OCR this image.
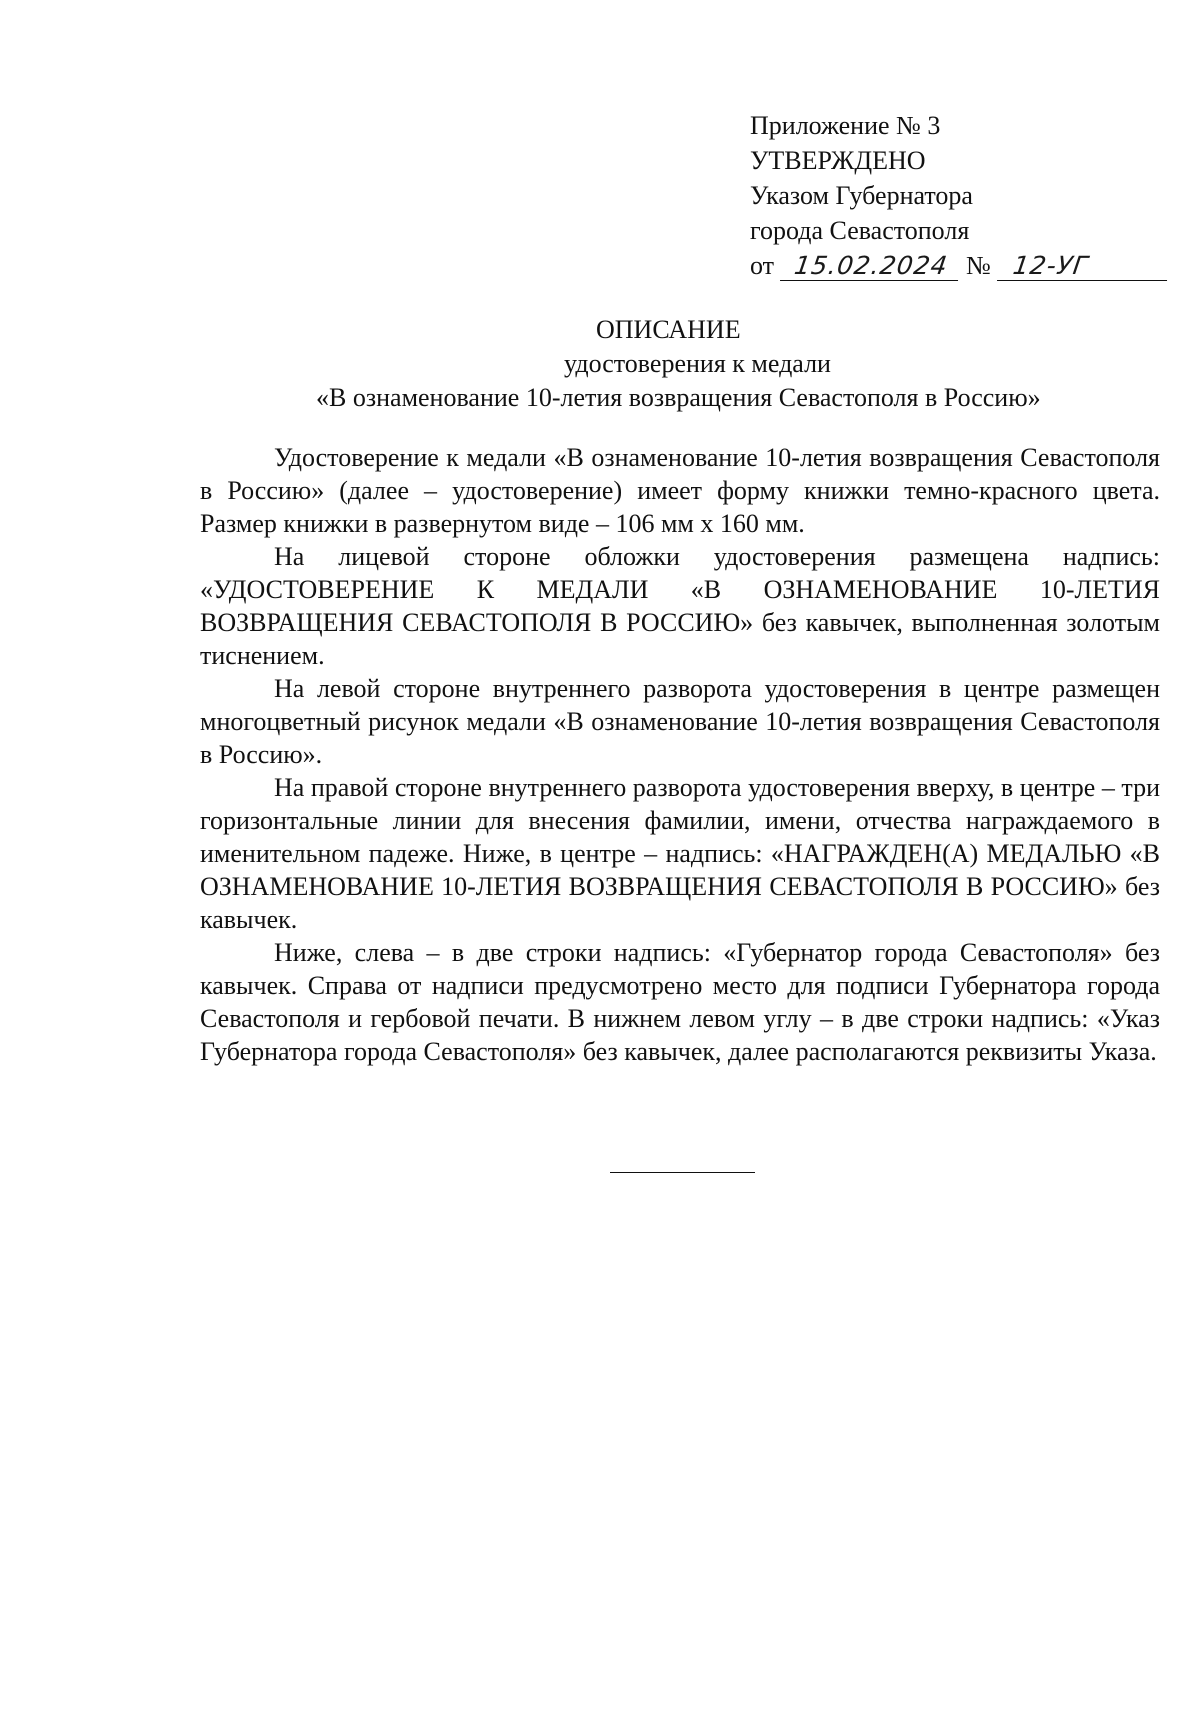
Приложение № 3
УТВЕРЖДЕНО
Указом Губернатора
города Севастополя
от 15.02.2024 № 12-УГ
ОПИСАНИЕ
удостоверения к медали
«В ознаменование 10-летия возвращения Севастополя в Россию»

Удостоверение к медали «В ознаменование 10-летия возвращения Севастополя в Россию» (далее – удостоверение) имеет форму книжки темно-красного цвета. Размер книжки в развернутом виде – 106 мм х 160 мм.

На лицевой стороне обложки удостоверения размещена надпись: «УДОСТОВЕРЕНИЕ К МЕДАЛИ «В ОЗНАМЕНОВАНИЕ 10-ЛЕТИЯ ВОЗВРАЩЕНИЯ СЕВАСТОПОЛЯ В РОССИЮ» без кавычек, выполненная золотым тиснением.

На левой стороне внутреннего разворота удостоверения в центре размещен многоцветный рисунок медали «В ознаменование 10-летия возвращения Севастополя в Россию».

На правой стороне внутреннего разворота удостоверения вверху, в центре – три горизонтальные линии для внесения фамилии, имени, отчества награждаемого в именительном падеже. Ниже, в центре – надпись: «НАГРАЖДЕН(А) МЕДАЛЬЮ «В ОЗНАМЕНОВАНИЕ 10-ЛЕТИЯ ВОЗВРАЩЕНИЯ СЕВАСТОПОЛЯ В РОССИЮ» без кавычек.

Ниже, слева – в две строки надпись: «Губернатор города Севастополя» без кавычек. Справа от надписи предусмотрено место для подписи Губернатора города Севастополя и гербовой печати. В нижнем левом углу – в две строки надпись: «Указ Губернатора города Севастополя» без кавычек, далее располагаются реквизиты Указа.
